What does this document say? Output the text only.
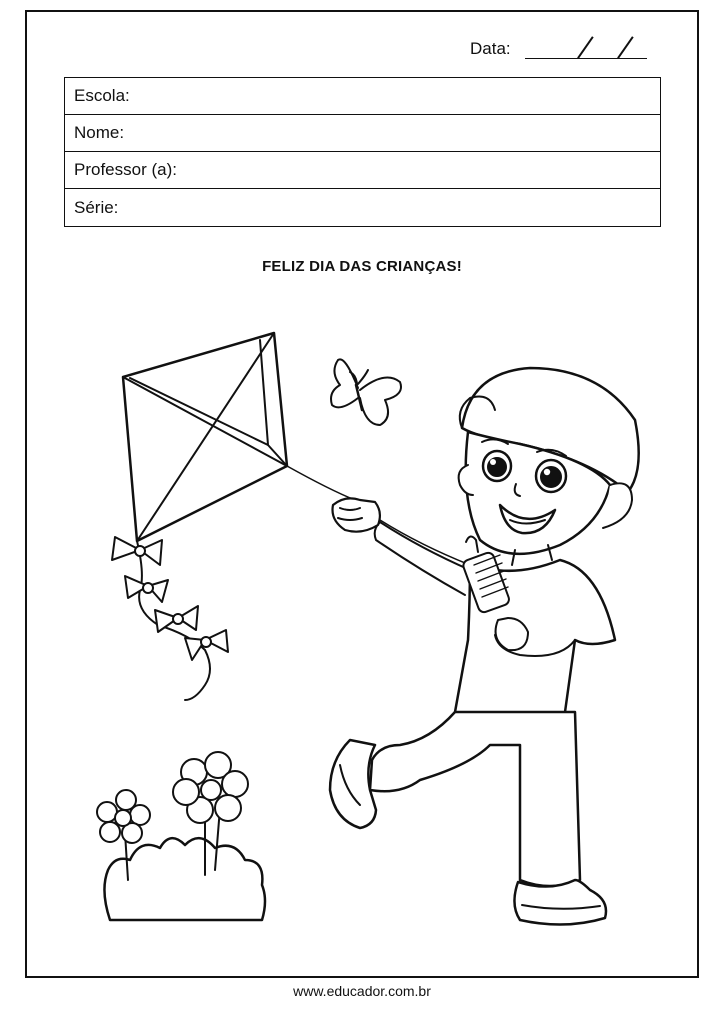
Data:
Escola:
Nome:
Professor (a):
Série:
FELIZ DIA DAS CRIANÇAS!
www.educador.com.br
